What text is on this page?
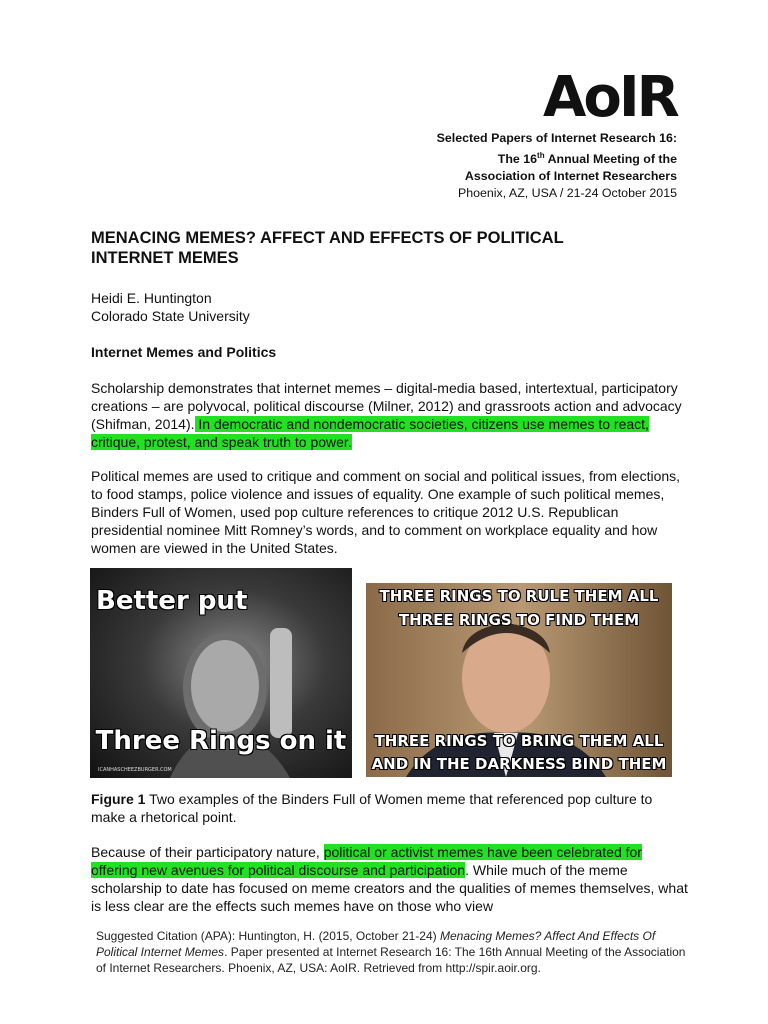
AoIR
Selected Papers of Internet Research 16:
The 16th Annual Meeting of the
Association of Internet Researchers
Phoenix, AZ, USA / 21-24 October 2015
MENACING MEMES? AFFECT AND EFFECTS OF POLITICAL
INTERNET MEMES
Heidi E. Huntington
Colorado State University
Internet Memes and Politics
Scholarship demonstrates that internet memes – digital-media based, intertextual, participatory creations – are polyvocal, political discourse (Milner, 2012) and grassroots action and advocacy (Shifman, 2014). In democratic and nondemocratic societies, citizens use memes to react, critique, protest, and speak truth to power.
Political memes are used to critique and comment on social and political issues, from elections, to food stamps, police violence and issues of equality. One example of such political memes, Binders Full of Women, used pop culture references to critique 2012 U.S. Republican presidential nominee Mitt Romney’s words, and to comment on workplace equality and how women are viewed in the United States.
Better put
Three Rings on it
ICANHASCHEEZBURGER.COM
THREE RINGS TO RULE THEM ALL
THREE RINGS TO FIND THEM
THREE RINGS TO BRING THEM ALL
AND IN THE DARKNESS BIND THEM
Figure 1 Two examples of the Binders Full of Women meme that referenced pop culture to make a rhetorical point.
Because of their participatory nature, political or activist memes have been celebrated for offering new avenues for political discourse and participation. While much of the meme scholarship to date has focused on meme creators and the qualities of memes themselves, what is less clear are the effects such memes have on those who view
Suggested Citation (APA): Huntington, H. (2015, October 21-24) Menacing Memes? Affect And Effects Of Political Internet Memes. Paper presented at Internet Research 16: The 16th Annual Meeting of the Association of Internet Researchers. Phoenix, AZ, USA: AoIR. Retrieved from http://spir.aoir.org.
